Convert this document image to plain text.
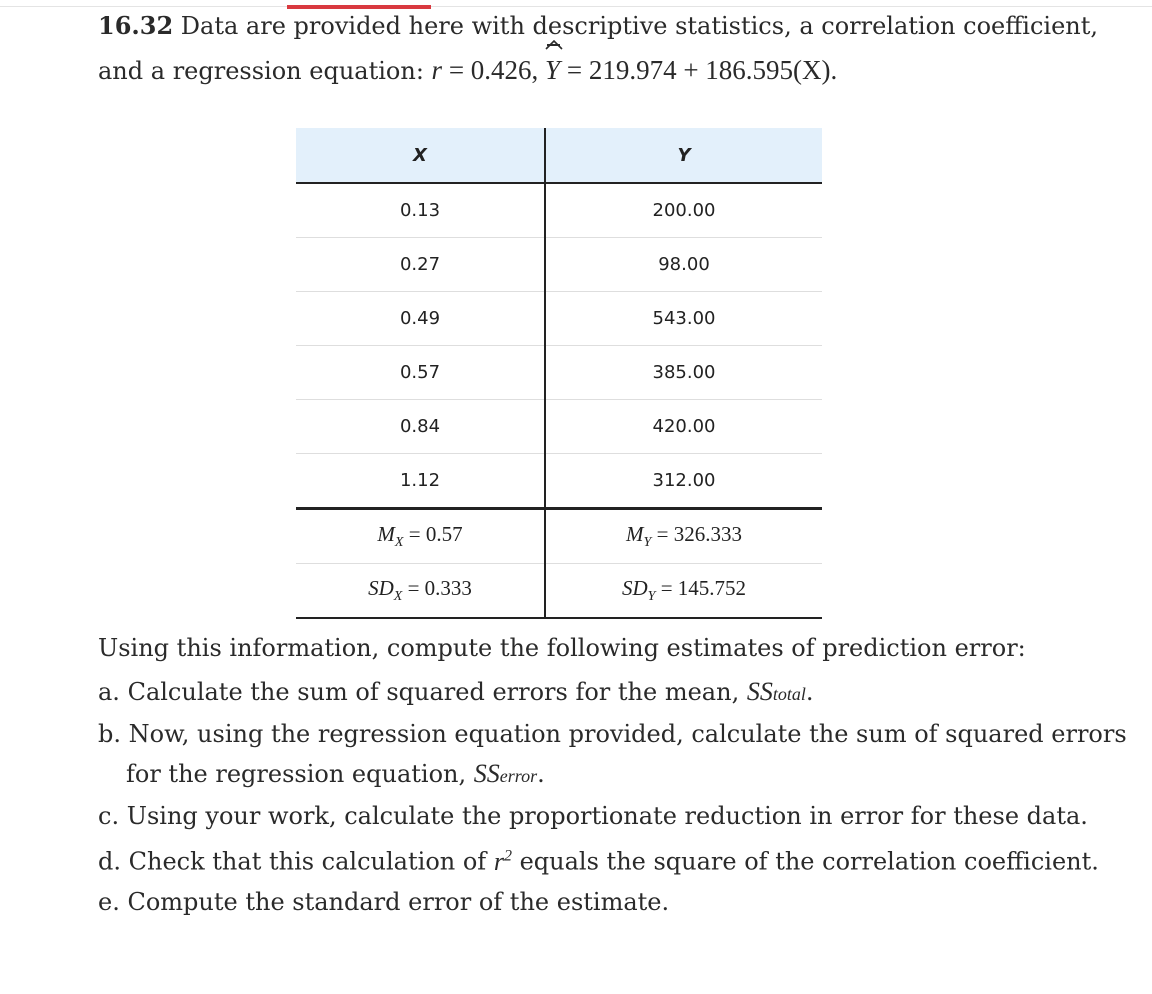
16.32 Data are provided here with descriptive statistics, a correlation coefficient, and a regression equation: r = 0.426,
Y = 219.974 + 186.595(X).
X	Y
0.13	200.00
0.27	98.00
0.49	543.00
0.57	385.00
0.84	420.00
1.12	312.00
$M_X = 0.57$	$M_Y = 326.333$
$SD_X = 0.333$	$SD_Y = 145.752$
Using this information, compute the following estimates of prediction error:
a. Calculate the sum of squared errors for the mean, SStotal.
b. Now, using the regression equation provided, calculate the sum of squared errors for the regression equation, SSerror.
c. Using your work, calculate the proportionate reduction in error for these data.
d. Check that this calculation of $r^2$ equals the square of the correlation coefficient.
e. Compute the standard error of the estimate.
